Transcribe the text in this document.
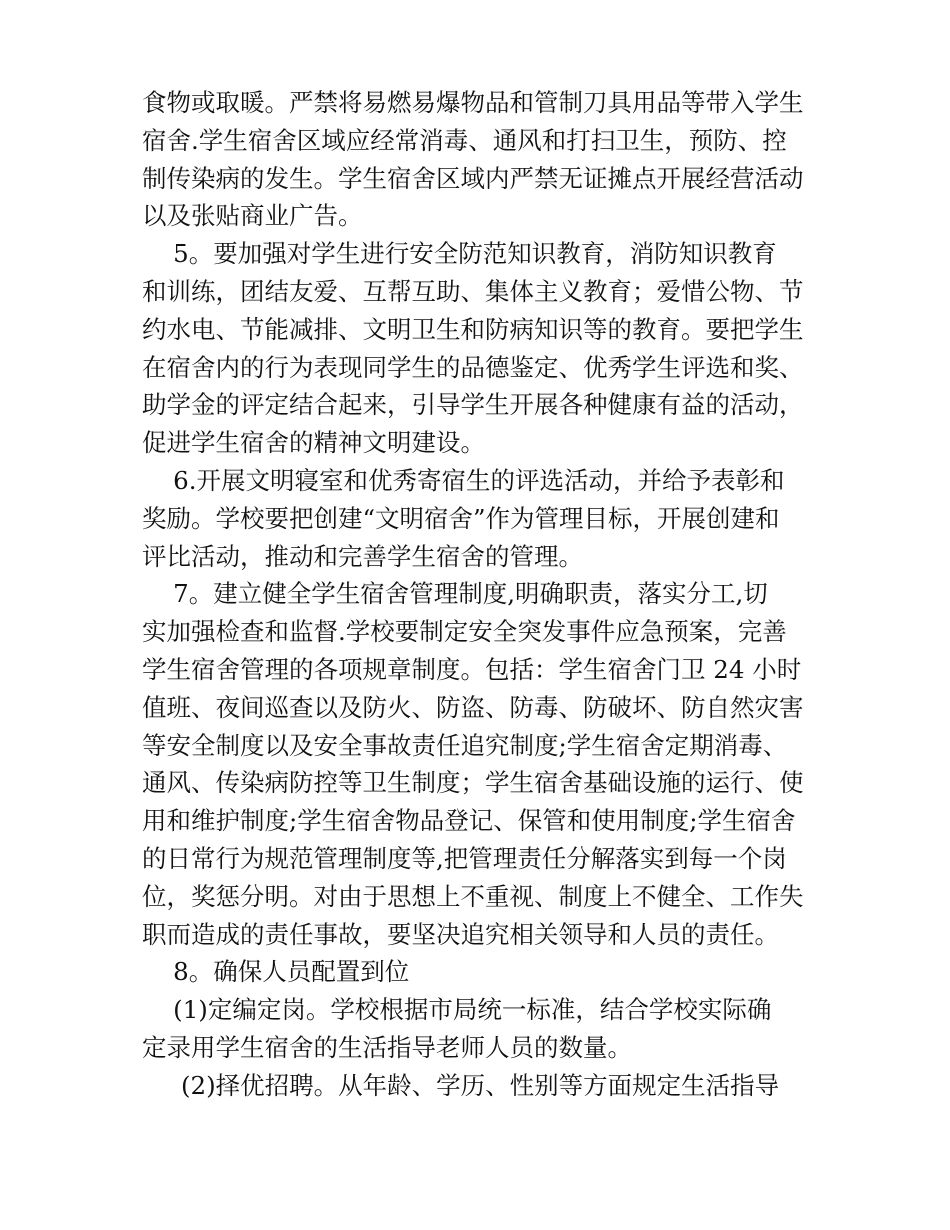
食物或取暖。严禁将易燃易爆物品和管制刀具用品等带入学生
宿舍.学生宿舍区域应经常消毒、通风和打扫卫生，预防、控
制传染病的发生。学生宿舍区域内严禁无证摊点开展经营活动
以及张贴商业广告。
5。要加强对学生进行安全防范知识教育，消防知识教育
和训练，团结友爱、互帮互助、集体主义教育；爱惜公物、节
约水电、节能减排、文明卫生和防病知识等的教育。要把学生
在宿舍内的行为表现同学生的品德鉴定、优秀学生评选和奖、
助学金的评定结合起来，引导学生开展各种健康有益的活动，
促进学生宿舍的精神文明建设。
6.开展文明寝室和优秀寄宿生的评选活动，并给予表彰和
奖励。学校要把创建“文明宿舍”作为管理目标，开展创建和
评比活动，推动和完善学生宿舍的管理。
7。建立健全学生宿舍管理制度,明确职责，落实分工,切
实加强检查和监督.学校要制定安全突发事件应急预案，完善
学生宿舍管理的各项规章制度。包括：学生宿舍门卫 24 小时
值班、夜间巡查以及防火、防盗、防毒、防破坏、防自然灾害
等安全制度以及安全事故责任追究制度;学生宿舍定期消毒、
通风、传染病防控等卫生制度；学生宿舍基础设施的运行、使
用和维护制度;学生宿舍物品登记、保管和使用制度;学生宿舍
的日常行为规范管理制度等,把管理责任分解落实到每一个岗
位，奖惩分明。对由于思想上不重视、制度上不健全、工作失
职而造成的责任事故，要坚决追究相关领导和人员的责任。
8。确保人员配置到位
(1)定编定岗。学校根据市局统一标准，结合学校实际确
定录用学生宿舍的生活指导老师人员的数量。
(2)择优招聘。从年龄、学历、性别等方面规定生活指导
